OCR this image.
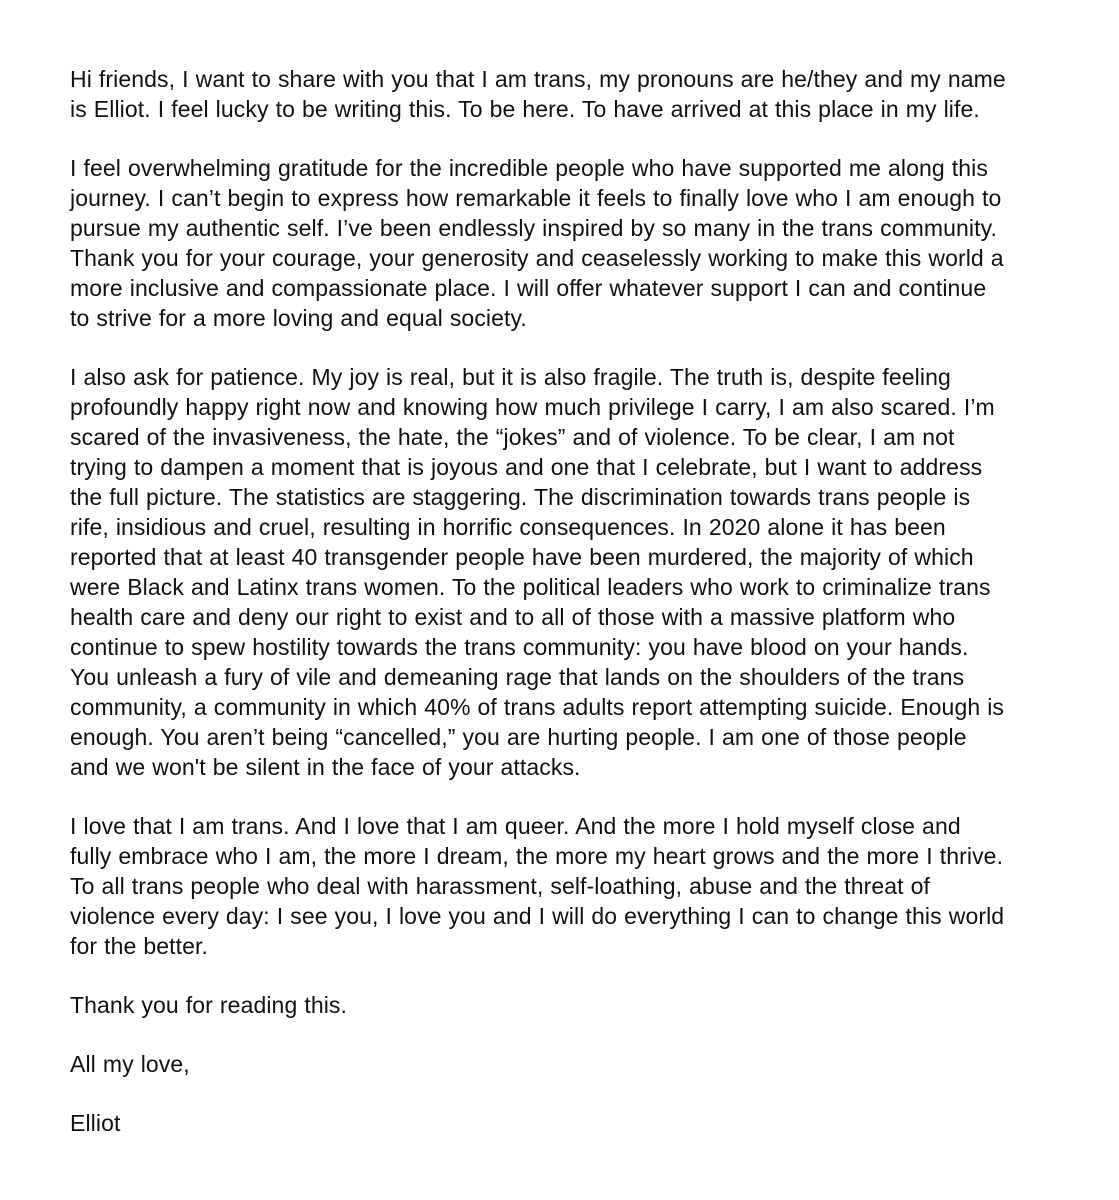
Hi friends, I want to share with you that I am trans, my pronouns are he/they and my name is Elliot. I feel lucky to be writing this. To be here. To have arrived at this place in my life.

I feel overwhelming gratitude for the incredible people who have supported me along this journey. I can’t begin to express how remarkable it feels to finally love who I am enough to pursue my authentic self. I’ve been endlessly inspired by so many in the trans community. Thank you for your courage, your generosity and ceaselessly working to make this world a more inclusive and compassionate place. I will offer whatever support I can and continue to strive for a more loving and equal society.

I also ask for patience. My joy is real, but it is also fragile. The truth is, despite feeling profoundly happy right now and knowing how much privilege I carry, I am also scared. I’m scared of the invasiveness, the hate, the “jokes” and of violence. To be clear, I am not trying to dampen a moment that is joyous and one that I celebrate, but I want to address the full picture. The statistics are staggering. The discrimination towards trans people is rife, insidious and cruel, resulting in horrific consequences. In 2020 alone it has been reported that at least 40 transgender people have been murdered, the majority of which were Black and Latinx trans women. To the political leaders who work to criminalize trans health care and deny our right to exist and to all of those with a massive platform who continue to spew hostility towards the trans community: you have blood on your hands. You unleash a fury of vile and demeaning rage that lands on the shoulders of the trans community, a community in which 40% of trans adults report attempting suicide. Enough is enough. You aren’t being “cancelled,” you are hurting people. I am one of those people and we won't be silent in the face of your attacks.

I love that I am trans. And I love that I am queer. And the more I hold myself close and fully embrace who I am, the more I dream, the more my heart grows and the more I thrive. To all trans people who deal with harassment, self-loathing, abuse and the threat of violence every day: I see you, I love you and I will do everything I can to change this world for the better.

Thank you for reading this.

All my love,

Elliot
